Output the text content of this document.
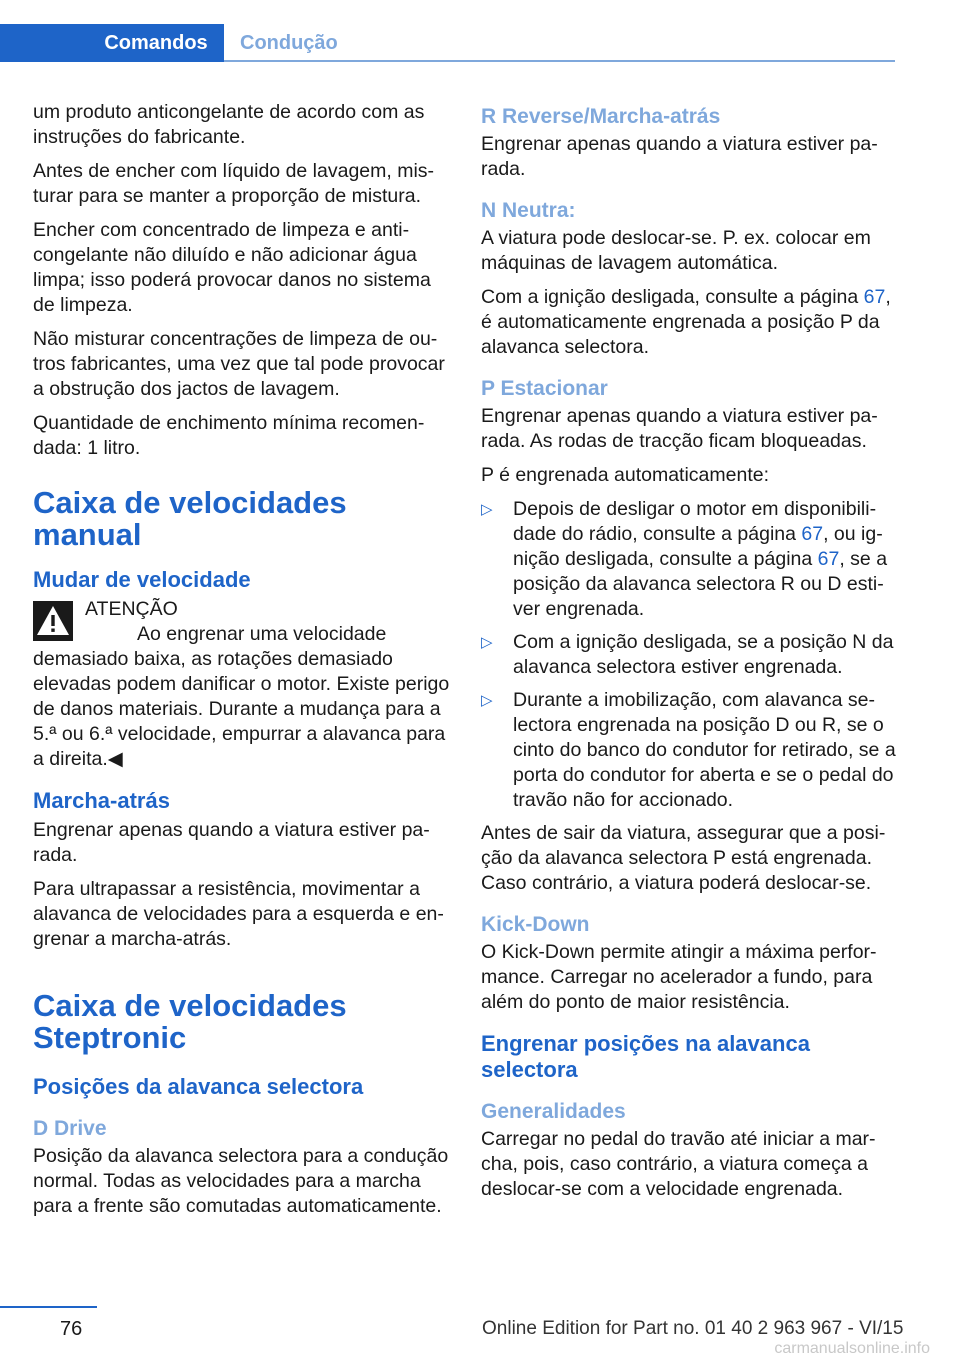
Comandos Condução

um produto anticongelante de acordo com as instruções do fabricante.

Antes de encher com líquido de lavagem, misturar para se manter a proporção de mistura.

Encher com concentrado de limpeza e anticongelante não diluído e não adicionar água limpa; isso poderá provocar danos no sistema de limpeza.

Não misturar concentrações de limpeza de outros fabricantes, uma vez que tal pode provocar a obstrução dos jactos de lavagem.

Quantidade de enchimento mínima recomendada: 1 litro.

Caixa de velocidades manual
Mudar de velocidade
ATENÇÃO
Ao engrenar uma velocidade demasiado baixa, as rotações demasiado elevadas podem danificar o motor. Existe perigo de danos materiais. Durante a mudança para a 5.ª ou 6.ª velocidade, empurrar a alavanca para a direita.◀
Marcha-atrás

Engrenar apenas quando a viatura estiver parada.

Para ultrapassar a resistência, movimentar a alavanca de velocidades para a esquerda e engrenar a marcha-atrás.

Caixa de velocidades Steptronic
Posições da alavanca selectora
D Drive

Posição da alavanca selectora para a condução normal. Todas as velocidades para a marcha para a frente são comutadas automaticamente.

R Reverse/Marcha-atrás

Engrenar apenas quando a viatura estiver parada.

N Neutra:

A viatura pode deslocar-se. P. ex. colocar em máquinas de lavagem automática.

Com a ignição desligada, consulte a página 67, é automaticamente engrenada a posição P da alavanca selectora.

P Estacionar

Engrenar apenas quando a viatura estiver parada. As rodas de tracção ficam bloqueadas.

P é engrenada automaticamente:

▷ Depois de desligar o motor em disponibilidade do rádio, consulte a página 67, ou ignição desligada, consulte a página 67, se a posição da alavanca selectora R ou D estiver engrenada.
▷ Com a ignição desligada, se a posição N da alavanca selectora estiver engrenada.
▷ Durante a imobilização, com alavanca selectora engrenada na posição D ou R, se o cinto do banco do condutor for retirado, se a porta do condutor for aberta e se o pedal do travão não for accionado.

Antes de sair da viatura, assegurar que a posição da alavanca selectora P está engrenada. Caso contrário, a viatura poderá deslocar-se.

Kick-Down

O Kick-Down permite atingir a máxima performance. Carregar no acelerador a fundo, para além do ponto de maior resistência.

Engrenar posições na alavanca selectora
Generalidades

Carregar no pedal do travão até iniciar a marcha, pois, caso contrário, a viatura começa a deslocar-se com a velocidade engrenada.

76	Online Edition for Part no. 01 40 2 963 967 - VI/15
carmanualsonline.info
